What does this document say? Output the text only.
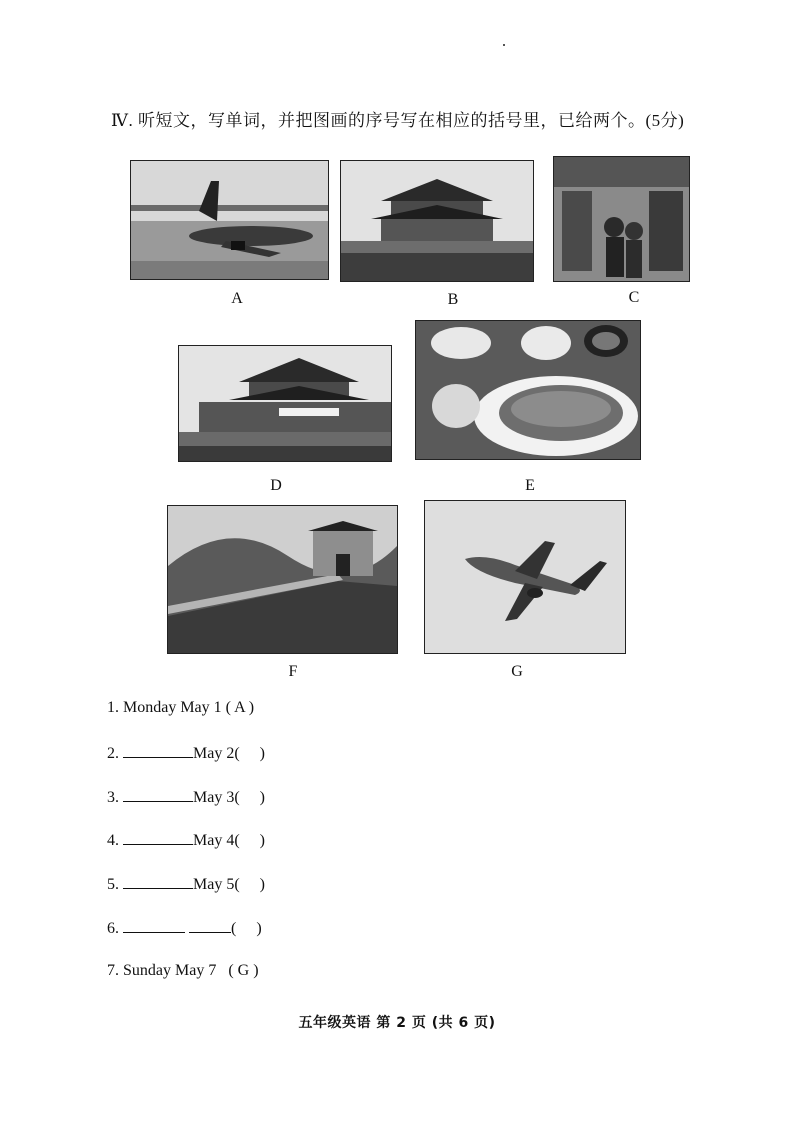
Ⅳ. 听短文，写单词，并把图画的序号写在相应的括号里，已给两个。(5分)
A	B	C
D	E
F	G
1. Monday May 1 ( A )
2.	May 2(     )
3.	May 3(     )
4.	May 4(     )
5.	May 5(     )
6.	(     )
7. Sunday May 7 ( G )
五年级英语 第 2 页 (共 6 页)
